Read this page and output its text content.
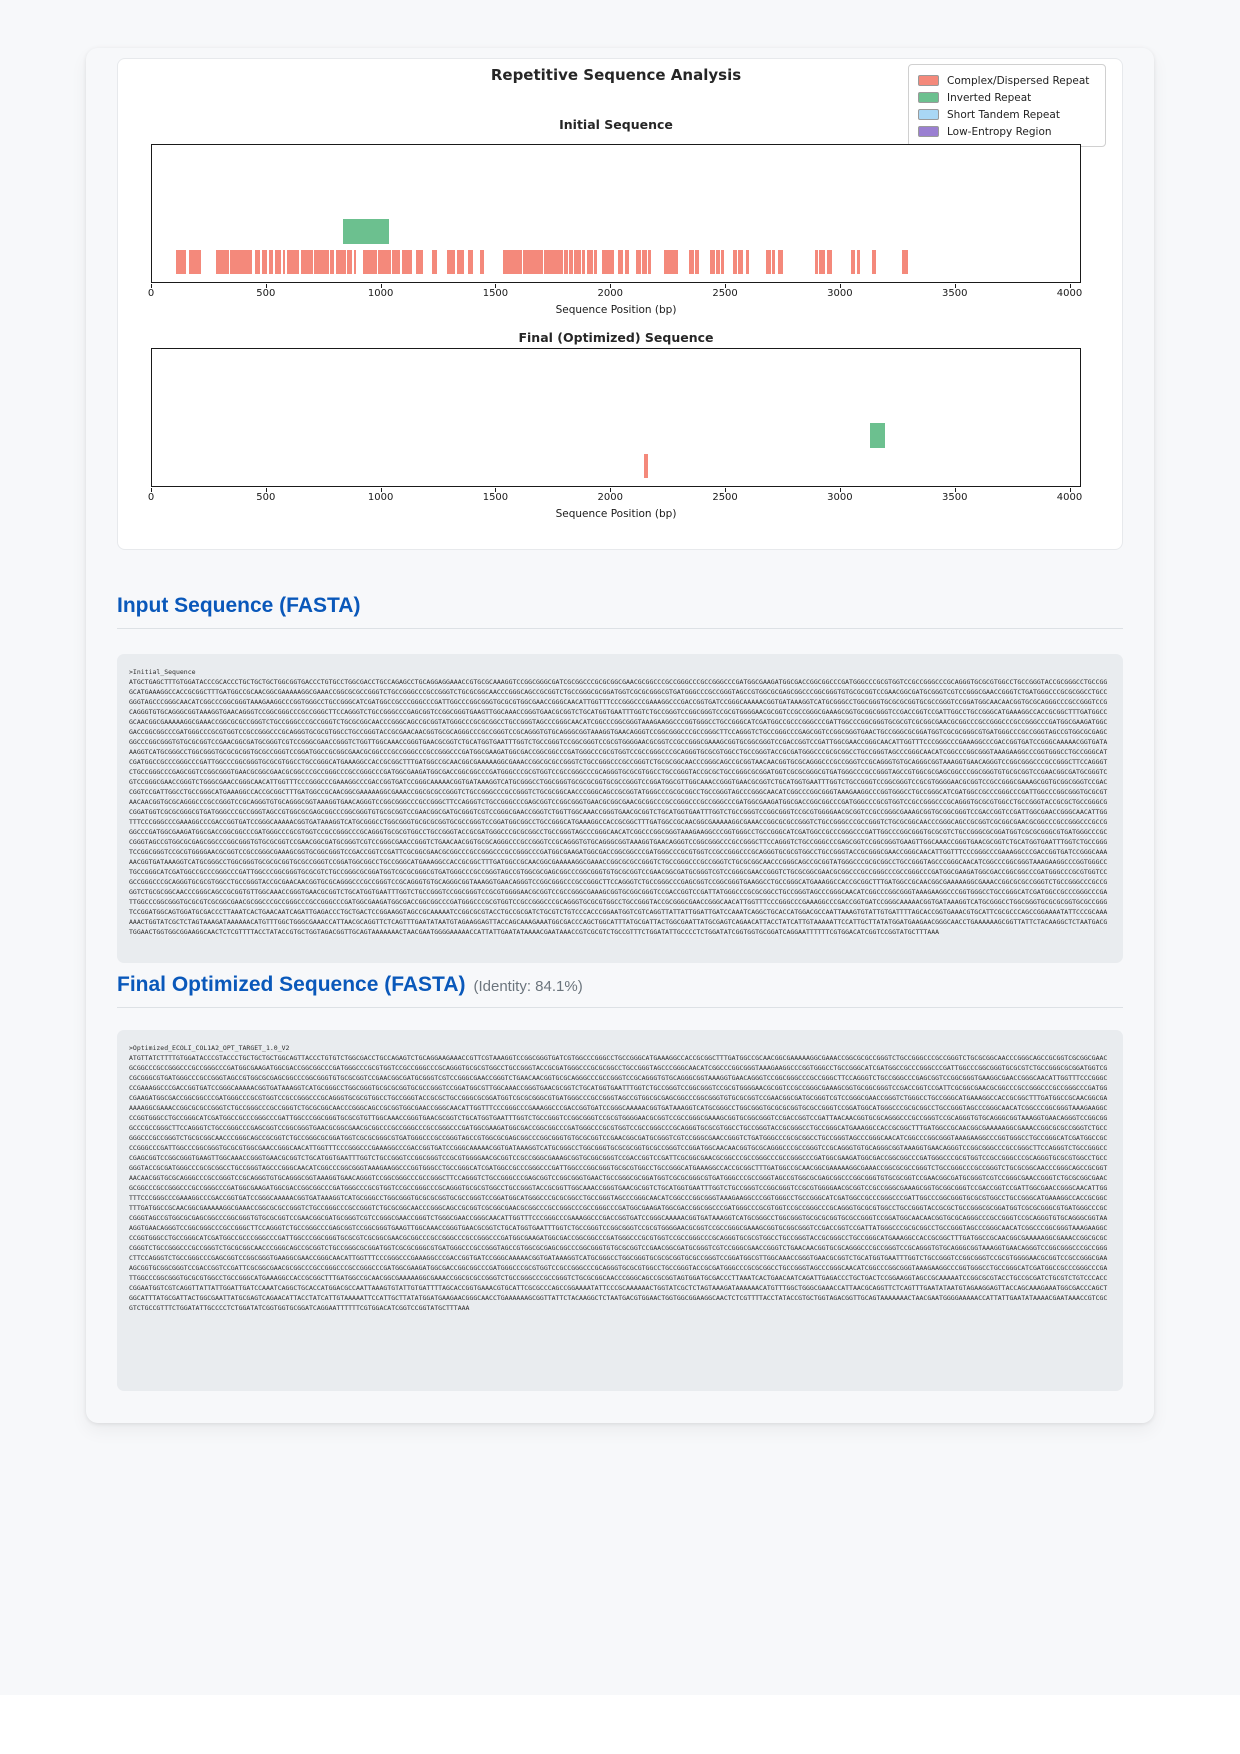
Repetitive Sequence Analysis	Complex/Dispersed Repeat
Inverted Repeat
Short Tandem Repeat
Low-Entropy Region
Initial Sequence
0	500	1000	1500	2000	2500	3000	3500	4000
Sequence Position (bp)
Final (Optimized) Sequence
0	500	1000	1500	2000	2500	3000	3500	4000
Sequence Position (bp)
Input Sequence (FASTA)
>Initial_Sequence
ATGCTGAGCTTTGTGGATACCCGCACCCTGCTGCTGCTGGCGGTGACCCTGTGCCTGGCGACCTGCCAGAGCCTGCAGGAGGAAACCGTGCGCAAAGGTCCGGCGGGCGATCGCGGCCCGCGCGGCGAACGCGGCCCGCCGGGCCCGCCGGGCCCGATGGCGAAGATGGCGACCGGCGGCCCGATGGGCCCGCGTGGTCCGCCGGGCCCGCAGGGTGCGCGTGGCCTGCCGGGTACCGCGGGCCTGCCGGGCATGAAAGGCCACCGCGGCTTTGATGGCCGCAACGGCGAAAAAGGCGAAACCGGCGCGCCGGGTCTGCCGGGCCCGCCGGGTCTGCGCGGCAACCCGGGCAGCCGCGGTCTGCCGGGCGCGGATGGTCGCGCGGGCGTGATGGGCCCGCCGGGTAGCCGTGGCGCGAGCGGCCCGGCGGGTGTGCGCGGTCCGAACGGCGATGCGGGTCGTCCGGGCGAACCGGGTCTGATGGGCCCGCGCGGCCTGCCGGGTAGCCCGGGCAACATCGGCCCGGCGGGTAAAGAAGGCCCGGTGGGCCTGCCGGGCATCGATGGCCGCCCGGGCCCGATTGGCCCGGCGGGTGCGCGTGGCGAACCGGGCAACATTGGTTTCCCGGGCCCGAAAGGCCCGACCGGTGATCCGGGCAAAAACGGTGATAAAGGTCATGCGGGCCTGGCGGGTGCGCGCGGTGCGCCGGGTCCGGATGGCAACAACGGTGCGCAGGGCCCGCCGGGTCCGCAGGGTGTGCAGGGCGGTAAAGGTGAACAGGGTCCGGCGGGCCCGCCGGGCTTCCAGGGTCTGCCGGGCCCGAGCGGTCCGGCGGGTGAAGTTGGCAAACCGGGTGAACGCGGTCTGCATGGTGAATTTGGTCTGCCGGGTCCGGCGGGTCCGCGTGGGGAACGCGGTCCGCCGGGCGAAAGCGGTGCGGCGGGTCCGACCGGTCCGATTGGCCTGCCGGGCATGAAAGGCCACCGCGGCTTTGATGGCCGCAACGGCGAAAAAGGCGAAACCGGCGCGCCGGGTCTGCCGGGCCCGCCGGGTCTGCGCGGCAACCCGGGCAGCCGCGGTATGGGCCCGCGCGGCCTGCCGGGTAGCCCGGGCAACATCGGCCCGGCGGGTAAAGAAGGCCCGGTGGGCCTGCCGGGCATCGATGGCCGCCCGGGCCCGATTGGCCCGGCGGGTGCGCGTCGCGGCGAACGCGGCCCGCCGGGCCCGCCGGGCCCGATGGCGAAGATGGCGACCGGCGGCCCGATGGGCCCGCGTGGTCCGCCGGGCCCGCAGGGTGCGCGTGGCCTGCCGGGTACCGCGAACAACGGTGCGCAGGGCCCGCCGGGTCCGCAGGGTGTGCAGGGCGGTAAAGGTGAACAGGGTCCGGCGGGCCCGCCGGGCTTCCAGGGTCTGCCGGGCCCGAGCGGTCCGGCGGGTGAACTGCCGGGCGCGGATGGTCGCGCGGGCGTGATGGGCCCGCCGGGTAGCCGTGGCGCGAGCGGCCCGGCGGGTGTGCGCGGTCCGAACGGCGATGCGGGTCGTCCGGGCGAACCGGGTCTGGTTGGCAAACCGGGTGAACGCGGTCTGCATGGTGAATTTGGTCTGCCGGGTCCGGCGGGTCCGCGTGGGGAACGCGGTCCGCCGGGCGAAAGCGGTGCGGCGGGTCCGACCGGTCCGATTGGCGAACCGGGCAACATTGGTTTCCCGGGCCCGAAAGGCCCGACCGGTGATCCGGGCAAAAACGGTGATAAAGGTCATGCGGGCCTGGCGGGTGCGCGCGGTGCGCCGGGTCCGGATGGCCGCGGCGAACGCGGCCCGCCGGGCCCGCCGGGCCCGATGGCGAAGATGGCGACCGGCGGCCCGATGGGCCCGCGTGGTCCGCCGGGCCCGCAGGGTGCGCGTGGCCTGCCGGGTACCGCGATGGGCCCGCGCGGCCTGCCGGGTAGCCCGGGCAACATCGGCCCGGCGGGTAAAGAAGGCCCGGTGGGCCTGCCGGGCATCGATGGCCGCCCGGGCCCGATTGGCCCGGCGGGTGCGCGTGGCCTGCCGGGCATGAAAGGCCACCGCGGCTTTGATGGCCGCAACGGCGAAAAAGGCGAAACCGGCGCGCCGGGTCTGCCGGGCCCGCCGGGTCTGCGCGGCAACCCGGGCAGCCGCGGTAACAACGGTGCGCAGGGCCCGCCGGGTCCGCAGGGTGTGCAGGGCGGTAAAGGTGAACAGGGTCCGGCGGGCCCGCCGGGCTTCCAGGGTCTGCCGGGCCCGAGCGGTCCGGCGGGTGAACGCGGCGAACGCGGCCCGCCGGGCCCGCCGGGCCCGATGGCGAAGATGGCGACCGGCGGCCCGATGGGCCCGCGTGGTCCGCCGGGCCCGCAGGGTGCGCGTGGCCTGCCGGGTACCGCGCTGCCGGGCGCGGATGGTCGCGCGGGCGTGATGGGCCCGCCGGGTAGCCGTGGCGCGAGCGGCCCGGCGGGTGTGCGCGGTCCGAACGGCGATGCGGGTCGTCCGGGCGAACCGGGTCTGGGCGAACCGGGCAACATTGGTTTCCCGGGCCCGAAAGGCCCGACCGGTGATCCGGGCAAAAACGGTGATAAAGGTCATGCGGGCCTGGCGGGTGCGCGCGGTGCGCCGGGTCCGGATGGCGTTGGCAAACCGGGTGAACGCGGTCTGCATGGTGAATTTGGTCTGCCGGGTCCGGCGGGTCCGCGTGGGGAACGCGGTCCGCCGGGCGAAAGCGGTGCGGCGGGTCCGACCGGTCCGATTGGCCTGCCGGGCATGAAAGGCCACCGCGGCTTTGATGGCCGCAACGGCGAAAAAGGCGAAACCGGCGCGCCGGGTCTGCCGGGCCCGCCGGGTCTGCGCGGCAACCCGGGCAGCCGCGGTATGGGCCCGCGCGGCCTGCCGGGTAGCCCGGGCAACATCGGCCCGGCGGGTAAAGAAGGCCCGGTGGGCCTGCCGGGCATCGATGGCCGCCCGGGCCCGATTGGCCCGGCGGGTGCGCGTAACAACGGTGCGCAGGGCCCGCCGGGTCCGCAGGGTGTGCAGGGCGGTAAAGGTGAACAGGGTCCGGCGGGCCCGCCGGGCTTCCAGGGTCTGCCGGGCCCGAGCGGTCCGGCGGGTGAACGCGGCGAACGCGGCCCGCCGGGCCCGCCGGGCCCGATGGCGAAGATGGCGACCGGCGGCCCGATGGGCCCGCGTGGTCCGCCGGGCCCGCAGGGTGCGCGTGGCCTGCCGGGTACCGCGCTGCCGGGCGCGGATGGTCGCGCGGGCGTGATGGGCCCGCCGGGTAGCCGTGGCGCGAGCGGCCCGGCGGGTGTGCGCGGTCCGAACGGCGATGCGGGTCGTCCGGGCGAACCGGGTCTGGTTGGCAAACCGGGTGAACGCGGTCTGCATGGTGAATTTGGTCTGCCGGGTCCGGCGGGTCCGCGTGGGGAACGCGGTCCGCCGGGCGAAAGCGGTGCGGCGGGTCCGACCGGTCCGATTGGCGAACCGGGCAACATTGGTTTCCCGGGCCCGAAAGGCCCGACCGGTGATCCGGGCAAAAACGGTGATAAAGGTCATGCGGGCCTGGCGGGTGCGCGCGGTGCGCCGGGTCCGGATGGCGGCCTGCCGGGCATGAAAGGCCACCGCGGCTTTGATGGCCGCAACGGCGAAAAAGGCGAAACCGGCGCGCCGGGTCTGCCGGGCCCGCCGGGTCTGCGCGGCAACCCGGGCAGCCGCGGTCGCGGCGAACGCGGCCCGCCGGGCCCGCCGGGCCCGATGGCGAAGATGGCGACCGGCGGCCCGATGGGCCCGCGTGGTCCGCCGGGCCCGCAGGGTGCGCGTGGCCTGCCGGGTACCGCGATGGGCCCGCGCGGCCTGCCGGGTAGCCCGGGCAACATCGGCCCGGCGGGTAAAGAAGGCCCGGTGGGCCTGCCGGGCATCGATGGCCGCCCGGGCCCGATTGGCCCGGCGGGTGCGCGTCTGCCGGGCGCGGATGGTCGCGCGGGCGTGATGGGCCCGCCGGGTAGCCGTGGCGCGAGCGGCCCGGCGGGTGTGCGCGGTCCGAACGGCGATGCGGGTCGTCCGGGCGAACCGGGTCTGAACAACGGTGCGCAGGGCCCGCCGGGTCCGCAGGGTGTGCAGGGCGGTAAAGGTGAACAGGGTCCGGCGGGCCCGCCGGGCTTCCAGGGTCTGCCGGGCCCGAGCGGTCCGGCGGGTGAAGTTGGCAAACCGGGTGAACGCGGTCTGCATGGTGAATTTGGTCTGCCGGGTCCGGCGGGTCCGCGTGGGGAACGCGGTCCGCCGGGCGAAAGCGGTGCGGCGGGTCCGACCGGTCCGATTCGCGGCGAACGCGGCCCGCCGGGCCCGCCGGGCCCGATGGCGAAGATGGCGACCGGCGGCCCGATGGGCCCGCGTGGTCCGCCGGGCCCGCAGGGTGCGCGTGGCCTGCCGGGTACCGCGGGCGAACCGGGCAACATTGGTTTCCCGGGCCCGAAAGGCCCGACCGGTGATCCGGGCAAAAACGGTGATAAAGGTCATGCGGGCCTGGCGGGTGCGCGCGGTGCGCCGGGTCCGGATGGCGGCCTGCCGGGCATGAAAGGCCACCGCGGCTTTGATGGCCGCAACGGCGAAAAAGGCGAAACCGGCGCGCCGGGTCTGCCGGGCCCGCCGGGTCTGCGCGGCAACCCGGGCAGCCGCGGTATGGGCCCGCGCGGCCTGCCGGGTAGCCCGGGCAACATCGGCCCGGCGGGTAAAGAAGGCCCGGTGGGCCTGCCGGGCATCGATGGCCGCCCGGGCCCGATTGGCCCGGCGGGTGCGCGTCTGCCGGGCGCGGATGGTCGCGCGGGCGTGATGGGCCCGCCGGGTAGCCGTGGCGCGAGCGGCCCGGCGGGTGTGCGCGGTCCGAACGGCGATGCGGGTCGTCCGGGCGAACCGGGTCTGCGCGGCGAACGCGGCCCGCCGGGCCCGCCGGGCCCGATGGCGAAGATGGCGACCGGCGGCCCGATGGGCCCGCGTGGTCCGCCGGGCCCGCAGGGTGCGCGTGGCCTGCCGGGTACCGCGAACAACGGTGCGCAGGGCCCGCCGGGTCCGCAGGGTGTGCAGGGCGGTAAAGGTGAACAGGGTCCGGCGGGCCCGCCGGGCTTCCAGGGTCTGCCGGGCCCGAGCGGTCCGGCGGGTGAAGGCCTGCCGGGCATGAAAGGCCACCGCGGCTTTGATGGCCGCAACGGCGAAAAAGGCGAAACCGGCGCGCCGGGTCTGCCGGGCCCGCCGGGTCTGCGCGGCAACCCGGGCAGCCGCGGTGTTGGCAAACCGGGTGAACGCGGTCTGCATGGTGAATTTGGTCTGCCGGGTCCGGCGGGTCCGCGTGGGGAACGCGGTCCGCCGGGCGAAAGCGGTGCGGCGGGTCCGACCGGTCCGATTATGGGCCCGCGCGGCCTGCCGGGTAGCCCGGGCAACATCGGCCCGGCGGGTAAAGAAGGCCCGGTGGGCCTGCCGGGCATCGATGGCCGCCCGGGCCCGATTGGCCCGGCGGGTGCGCGTCGCGGCGAACGCGGCCCGCCGGGCCCGCCGGGCCCGATGGCGAAGATGGCGACCGGCGGCCCGATGGGCCCGCGTGGTCCGCCGGGCCCGCAGGGTGCGCGTGGCCTGCCGGGTACCGCGGGCGAACCGGGCAACATTGGTTTCCCGGGCCCGAAAGGCCCGACCGGTGATCCGGGCAAAAACGGTGATAAAGGTCATGCGGGCCTGGCGGGTGCGCGCGGTGCGCCGGGTCCGGATGGCAGTGGATGCGACCCTTAAATCACTGAACAATCAGATTGAGACCCTGCTGACTCCGGAAGGTAGCCGCAAAAATCCGGCGCGTACCTGCCGCGATCTGCGTCTGTCCCACCCGGAATGGTCGTCAGGTTATTATTGGATTGATCCAAATCAGGCTGCACCATGGACGCCAATTAAAGTGTATTGTGATTTTAGCACCGGTGAAACGTGCATTCGCGCCCAGCCGGAAAATATTCCCGCAAAAAACTGGTATCGCTCTAGTAAAGATAAAAAACATGTTTGGCTGGGCGAAACCATTAACGCAGGTTCTCAGTTTGAATATAATGTAGAAGGAGTTACCAGCAAAGAAATGGCGACCCAGCTGGCATTTATGCGATTACTGGCGAATTATGCGAGTCAGAACATTACCTATCATTGTAAAAATTCCATTGCTTATATGGATGAAGAACGGGCAACCTGAAAAAAGCGGTTATTCTACAAGGCTCTAATGACGTGGAACTGGTGGCGGAAGGCAACTCTCGTTTTACCTATACCGTGCTGGTAGACGGTTGCAGTAAAAAAACTAACGAATGGGGAAAAACCATTATTGAATATAAAACGAATAAACCGTCGCGTCTGCCGTTTCTGGATATTGCCCCTCTGGATATCGGTGGTGCGGATCAGGAATTTTTTCGTGGACATCGGTCCGGTATGCTTTAAA
Final Optimized Sequence (FASTA) (Identity: 84.1%)
>Optimized_ECOLI_COL1A2_OPT_TARGET_1.0_V2
ATGTTATCTTTTGTGGATACCCGTACCCTGCTGCTGCTGGCAGTTACCCTGTGTCTGGCGACCTGCCAGAGTCTGCAGGAAGAAACCGTTCGTAAAGGTCCGGCGGGTGATCGTGGCCCGGGCCTGCCGGGCATGAAAGGCCACCGCGGCTTTGATGGCCGCAACGGCGAAAAAGGCGAAACCGGCGCGCCGGGTCTGCCGGGCCCGCCGGGTCTGCGCGGCAACCCGGGCAGCCGCGGTCGCGGCGAACGCGGCCCGCCGGGCCCGCCGGGCCCGATGGCGAAGATGGCGACCGGCGGCCCGATGGGCCCGCGTGGTCCGCCGGGCCCGCAGGGTGCGCGTGGCCTGCCGGGTACCGCGATGGGCCCGCGCGGCCTGCCGGGTAGCCCGGGCAACATCGGCCCGGCGGGTAAAGAAGGCCCGGTGGGCCTGCCGGGCATCGATGGCCGCCCGGGCCCGATTGGCCCGGCGGGTGCGCGTCTGCCGGGCGCGGATGGTCGCGCGGGCGTGATGGGCCCGCCGGGTAGCCGTGGCGCGAGCGGCCCGGCGGGTGTGCGCGGTCCGAACGGCGATGCGGGTCGTCCGGGCGAACCGGGTCTGAACAACGGTGCGCAGGGCCCGCCGGGTCCGCAGGGTGTGCAGGGCGGTAAAGGTGAACAGGGTCCGGCGGGCCCGCCGGGCTTCCAGGGTCTGCCGGGCCCGAGCGGTCCGGCGGGTGAAGGCGAACCGGGCAACATTGGTTTCCCGGGCCCGAAAGGCCCGACCGGTGATCCGGGCAAAAACGGTGATAAAGGTCATGCGGGCCTGGCGGGTGCGCGCGGTGCGCCGGGTCCGGATGGCGTTGGCAAACCGGGTGAACGCGGTCTGCATGGTGAATTTGGTCTGCCGGGTCCGGCGGGTCCGCGTGGGGAACGCGGTCCGCCGGGCGAAAGCGGTGCGGCGGGTCCGACCGGTCCGATTCGCGGCGAACGCGGCCCGCCGGGCCCGCCGGGCCCGATGGCGAAGATGGCGACCGGCGGCCCGATGGGCCCGCGTGGTCCGCCGGGCCCGCAGGGTGCGCGTGGCCTGCCGGGTACCGCGCTGCCGGGCGCGGATGGTCGCGCGGGCGTGATGGGCCCGCCGGGTAGCCGTGGCGCGAGCGGCCCGGCGGGTGTGCGCGGTCCGAACGGCGATGCGGGTCGTCCGGGCGAACCGGGTCTGGGCCTGCCGGGCATGAAAGGCCACCGCGGCTTTGATGGCCGCAACGGCGAAAAAGGCGAAACCGGCGCGCCGGGTCTGCCGGGCCCGCCGGGTCTGCGCGGCAACCCGGGCAGCCGCGGTGGCGAACCGGGCAACATTGGTTTCCCGGGCCCGAAAGGCCCGACCGGTGATCCGGGCAAAAACGGTGATAAAGGTCATGCGGGCCTGGCGGGTGCGCGCGGTGCGCCGGGTCCGGATGGCATGGGCCCGCGCGGCCTGCCGGGTAGCCCGGGCAACATCGGCCCGGCGGGTAAAGAAGGCCCGGTGGGCCTGCCGGGCATCGATGGCCGCCCGGGCCCGATTGGCCCGGCGGGTGCGCGTGTTGGCAAACCGGGTGAACGCGGTCTGCATGGTGAATTTGGTCTGCCGGGTCCGGCGGGTCCGCGTGGGGAACGCGGTCCGCCGGGCGAAAGCGGTGCGGCGGGTCCGACCGGTCCGATTAACAACGGTGCGCAGGGCCCGCCGGGTCCGCAGGGTGTGCAGGGCGGTAAAGGTGAACAGGGTCCGGCGGGCCCGCCGGGCTTCCAGGGTCTGCCGGGCCCGAGCGGTCCGGCGGGTGAACGCGGCGAACGCGGCCCGCCGGGCCCGCCGGGCCCGATGGCGAAGATGGCGACCGGCGGCCCGATGGGCCCGCGTGGTCCGCCGGGCCCGCAGGGTGCGCGTGGCCTGCCGGGTACCGCGGGCCTGCCGGGCATGAAAGGCCACCGCGGCTTTGATGGCCGCAACGGCGAAAAAGGCGAAACCGGCGCGCCGGGTCTGCCGGGCCCGCCGGGTCTGCGCGGCAACCCGGGCAGCCGCGGTCTGCCGGGCGCGGATGGTCGCGCGGGCGTGATGGGCCCGCCGGGTAGCCGTGGCGCGAGCGGCCCGGCGGGTGTGCGCGGTCCGAACGGCGATGCGGGTCGTCCGGGCGAACCGGGTCTGATGGGCCCGCGCGGCCTGCCGGGTAGCCCGGGCAACATCGGCCCGGCGGGTAAAGAAGGCCCGGTGGGCCTGCCGGGCATCGATGGCCGCCCGGGCCCGATTGGCCCGGCGGGTGCGCGTGGCGAACCGGGCAACATTGGTTTCCCGGGCCCGAAAGGCCCGACCGGTGATCCGGGCAAAAACGGTGATAAAGGTCATGCGGGCCTGGCGGGTGCGCGCGGTGCGCCGGGTCCGGATGGCAACAACGGTGCGCAGGGCCCGCCGGGTCCGCAGGGTGTGCAGGGCGGTAAAGGTGAACAGGGTCCGGCGGGCCCGCCGGGCTTCCAGGGTCTGCCGGGCCCGAGCGGTCCGGCGGGTGAAGTTGGCAAACCGGGTGAACGCGGTCTGCATGGTGAATTTGGTCTGCCGGGTCCGGCGGGTCCGCGTGGGGAACGCGGTCCGCCGGGCGAAAGCGGTGCGGCGGGTCCGACCGGTCCGATTCGCGGCGAACGCGGCCCGCCGGGCCCGCCGGGCCCGATGGCGAAGATGGCGACCGGCGGCCCGATGGGCCCGCGTGGTCCGCCGGGCCCGCAGGGTGCGCGTGGCCTGCCGGGTACCGCGATGGGCCCGCGCGGCCTGCCGGGTAGCCCGGGCAACATCGGCCCGGCGGGTAAAGAAGGCCCGGTGGGCCTGCCGGGCATCGATGGCCGCCCGGGCCCGATTGGCCCGGCGGGTGCGCGTGGCCTGCCGGGCATGAAAGGCCACCGCGGCTTTGATGGCCGCAACGGCGAAAAAGGCGAAACCGGCGCGCCGGGTCTGCCGGGCCCGCCGGGTCTGCGCGGCAACCCGGGCAGCCGCGGTAACAACGGTGCGCAGGGCCCGCCGGGTCCGCAGGGTGTGCAGGGCGGTAAAGGTGAACAGGGTCCGGCGGGCCCGCCGGGCTTCCAGGGTCTGCCGGGCCCGAGCGGTCCGGCGGGTGAACTGCCGGGCGCGGATGGTCGCGCGGGCGTGATGGGCCCGCCGGGTAGCCGTGGCGCGAGCGGCCCGGCGGGTGTGCGCGGTCCGAACGGCGATGCGGGTCGTCCGGGCGAACCGGGTCTGCGCGGCGAACGCGGCCCGCCGGGCCCGCCGGGCCCGATGGCGAAGATGGCGACCGGCGGCCCGATGGGCCCGCGTGGTCCGCCGGGCCCGCAGGGTGCGCGTGGCCTGCCGGGTACCGCGGTTGGCAAACCGGGTGAACGCGGTCTGCATGGTGAATTTGGTCTGCCGGGTCCGGCGGGTCCGCGTGGGGAACGCGGTCCGCCGGGCGAAAGCGGTGCGGCGGGTCCGACCGGTCCGATTGGCGAACCGGGCAACATTGGTTTCCCGGGCCCGAAAGGCCCGACCGGTGATCCGGGCAAAAACGGTGATAAAGGTCATGCGGGCCTGGCGGGTGCGCGCGGTGCGCCGGGTCCGGATGGCATGGGCCCGCGCGGCCTGCCGGGTAGCCCGGGCAACATCGGCCCGGCGGGTAAAGAAGGCCCGGTGGGCCTGCCGGGCATCGATGGCCGCCCGGGCCCGATTGGCCCGGCGGGTGCGCGTGGCCTGCCGGGCATGAAAGGCCACCGCGGCTTTGATGGCCGCAACGGCGAAAAAGGCGAAACCGGCGCGCCGGGTCTGCCGGGCCCGCCGGGTCTGCGCGGCAACCCGGGCAGCCGCGGTCGCGGCGAACGCGGCCCGCCGGGCCCGCCGGGCCCGATGGCGAAGATGGCGACCGGCGGCCCGATGGGCCCGCGTGGTCCGCCGGGCCCGCAGGGTGCGCGTGGCCTGCCGGGTACCGCGCTGCCGGGCGCGGATGGTCGCGCGGGCGTGATGGGCCCGCCGGGTAGCCGTGGCGCGAGCGGCCCGGCGGGTGTGCGCGGTCCGAACGGCGATGCGGGTCGTCCGGGCGAACCGGGTCTGGGCGAACCGGGCAACATTGGTTTCCCGGGCCCGAAAGGCCCGACCGGTGATCCGGGCAAAAACGGTGATAAAGGTCATGCGGGCCTGGCGGGTGCGCGCGGTGCGCCGGGTCCGGATGGCAACAACGGTGCGCAGGGCCCGCCGGGTCCGCAGGGTGTGCAGGGCGGTAAAGGTGAACAGGGTCCGGCGGGCCCGCCGGGCTTCCAGGGTCTGCCGGGCCCGAGCGGTCCGGCGGGTGAAGTTGGCAAACCGGGTGAACGCGGTCTGCATGGTGAATTTGGTCTGCCGGGTCCGGCGGGTCCGCGTGGGGAACGCGGTCCGCCGGGCGAAAGCGGTGCGGCGGGTCCGACCGGTCCGATTATGGGCCCGCGCGGCCTGCCGGGTAGCCCGGGCAACATCGGCCCGGCGGGTAAAGAAGGCCCGGTGGGCCTGCCGGGCATCGATGGCCGCCCGGGCCCGATTGGCCCGGCGGGTGCGCGTCGCGGCGAACGCGGCCCGCCGGGCCCGCCGGGCCCGATGGCGAAGATGGCGACCGGCGGCCCGATGGGCCCGCGTGGTCCGCCGGGCCCGCAGGGTGCGCGTGGCCTGCCGGGTACCGCGGGCCTGCCGGGCATGAAAGGCCACCGCGGCTTTGATGGCCGCAACGGCGAAAAAGGCGAAACCGGCGCGCCGGGTCTGCCGGGCCCGCCGGGTCTGCGCGGCAACCCGGGCAGCCGCGGTCTGCCGGGCGCGGATGGTCGCGCGGGCGTGATGGGCCCGCCGGGTAGCCGTGGCGCGAGCGGCCCGGCGGGTGTGCGCGGTCCGAACGGCGATGCGGGTCGTCCGGGCGAACCGGGTCTGAACAACGGTGCGCAGGGCCCGCCGGGTCCGCAGGGTGTGCAGGGCGGTAAAGGTGAACAGGGTCCGGCGGGCCCGCCGGGCTTCCAGGGTCTGCCGGGCCCGAGCGGTCCGGCGGGTGAAGGCGAACCGGGCAACATTGGTTTCCCGGGCCCGAAAGGCCCGACCGGTGATCCGGGCAAAAACGGTGATAAAGGTCATGCGGGCCTGGCGGGTGCGCGCGGTGCGCCGGGTCCGGATGGCGTTGGCAAACCGGGTGAACGCGGTCTGCATGGTGAATTTGGTCTGCCGGGTCCGGCGGGTCCGCGTGGGGAACGCGGTCCGCCGGGCGAAAGCGGTGCGGCGGGTCCGACCGGTCCGATTCGCGGCGAACGCGGCCCGCCGGGCCCGCCGGGCCCGATGGCGAAGATGGCGACCGGCGGCCCGATGGGCCCGCGTGGTCCGCCGGGCCCGCAGGGTGCGCGTGGCCTGCCGGGTACCGCGATGGGCCCGCGCGGCCTGCCGGGTAGCCCGGGCAACATCGGCCCGGCGGGTAAAGAAGGCCCGGTGGGCCTGCCGGGCATCGATGGCCGCCCGGGCCCGATTGGCCCGGCGGGTGCGCGTGGCCTGCCGGGCATGAAAGGCCACCGCGGCTTTGATGGCCGCAACGGCGAAAAAGGCGAAACCGGCGCGCCGGGTCTGCCGGGCCCGCCGGGTCTGCGCGGCAACCCGGGCAGCCGCGGTAGTGGATGCGACCCTTAAATCACTGAACAATCAGATTGAGACCCTGCTGACTCCGGAAGGTAGCCGCAAAAATCCGGCGCGTACCTGCCGCGATCTGCGTCTGTCCCACCCGGAATGGTCGTCAGGTTATTATTGGATTGATCCAAATCAGGCTGCACCATGGACGCCAATTAAAGTGTATTGTGATTTTAGCACCGGTGAAACGTGCATTCGCGCCCAGCCGGAAAATATTCCCGCAAAAAACTGGTATCGCTCTAGTAAAGATAAAAAACATGTTTGGCTGGGCGAAACCATTAACGCAGGTTCTCAGTTTGAATATAATGTAGAAGGAGTTACCAGCAAAGAAATGGCGACCCAGCTGGCATTTATGCGATTACTGGCGAATTATGCGAGTCAGAACATTACCTATCATTGTAAAAATTCCATTGCTTATATGGATGAAGAACGGGCAACCTGAAAAAAGCGGTTATTCTACAAGGCTCTAATGACGTGGAACTGGTGGCGGAAGGCAACTCTCGTTTTACCTATACCGTGCTGGTAGACGGTTGCAGTAAAAAAACTAACGAATGGGGAAAAACCATTATTGAATATAAAACGAATAAACCGTCGCGTCTGCCGTTTCTGGATATTGCCCCTCTGGATATCGGTGGTGCGGATCAGGAATTTTTTCGTGGACATCGGTCCGGTATGCTTTAAA
